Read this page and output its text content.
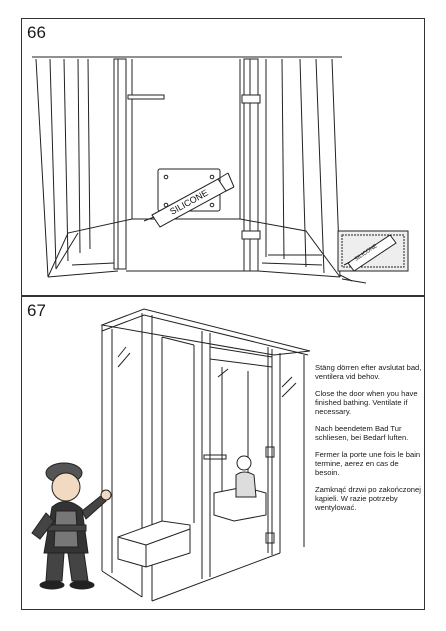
66
SILICONE
SILICONE
67

Stäng dörren efter avslutat bad, ventilera vid behov.

Close the door when you have finished bathing. Ventilate if necessary.

Nach beendetem Bad Tur schliesen, bei Bedarf luften.

Fermer la porte une fois le bain termine, aerez en cas de besoin.

Zamknąć drzwi po zakończonej kąpieli. W razie potrzeby wentylować.
